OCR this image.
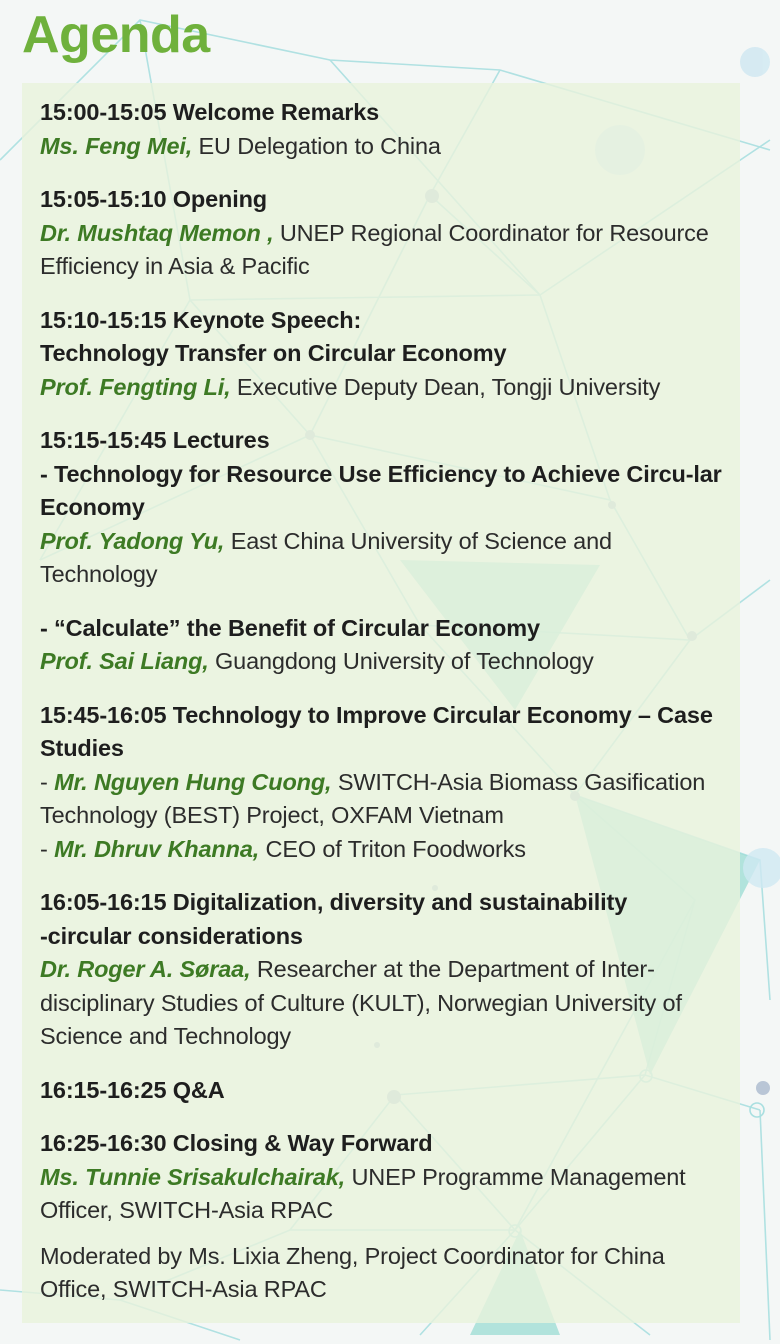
Agenda
15:00-15:05 Welcome Remarks
Ms. Feng Mei, EU Delegation to China
15:05-15:10 Opening
Dr. Mushtaq Memon , UNEP Regional Coordinator for Resource Efficiency in Asia & Pacific
15:10-15:15 Keynote Speech:
Technology Transfer on Circular Economy
Prof. Fengting Li, Executive Deputy Dean, Tongji University
15:15-15:45 Lectures
- Technology for Resource Use Efficiency to Achieve Circu-lar Economy
Prof. Yadong Yu, East China University of Science and Technology
- “Calculate” the Benefit of Circular Economy
Prof. Sai Liang, Guangdong University of Technology
15:45-16:05 Technology to Improve Circular Economy – Case Studies
- Mr. Nguyen Hung Cuong, SWITCH-Asia Biomass Gasification Technology (BEST) Project, OXFAM Vietnam
- Mr. Dhruv Khanna, CEO of Triton Foodworks
16:05-16:15 Digitalization, diversity and sustainability
-circular considerations
Dr. Roger A. Søraa, Researcher at the Department of Inter-disciplinary Studies of Culture (KULT), Norwegian University of Science and Technology
16:15-16:25 Q&A
16:25-16:30 Closing & Way Forward
Ms. Tunnie Srisakulchairak, UNEP Programme Management Officer, SWITCH-Asia RPAC
Moderated by Ms. Lixia Zheng, Project Coordinator for China Office, SWITCH-Asia RPAC
